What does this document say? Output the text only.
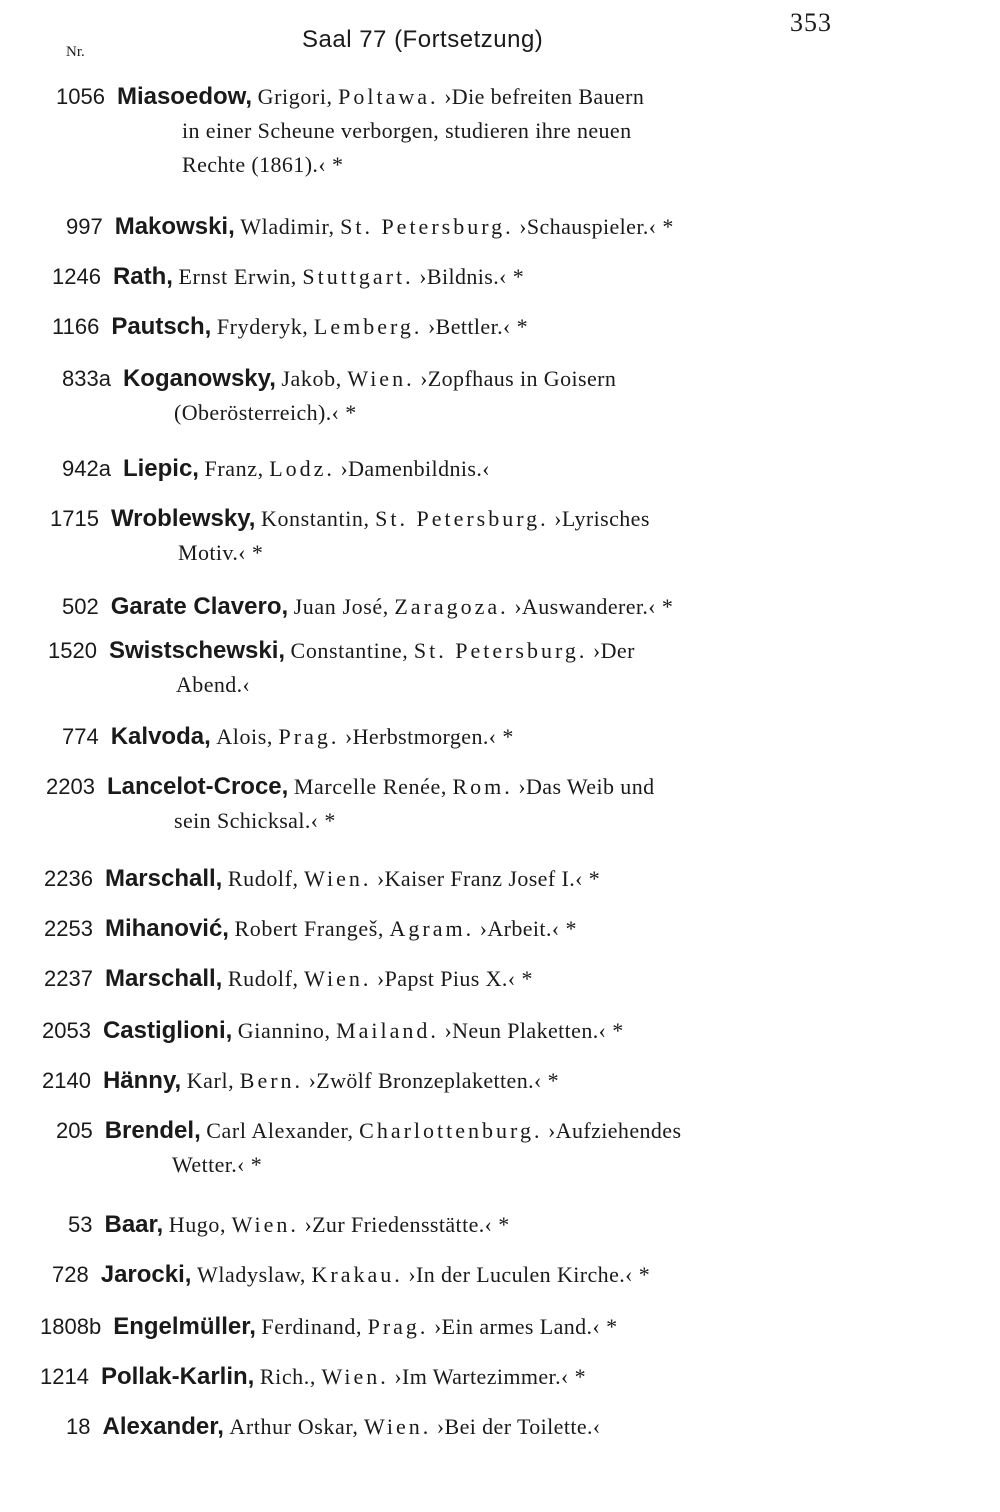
353
Nr.	Saal 77 (Fortsetzung)
1056 Miasoedow, Grigori, Poltawa. ›Die befreiten Bauern
in einer Scheune verborgen, studieren ihre neuen
Rechte (1861).‹ *
997 Makowski, Wladimir, St. Petersburg. ›Schauspieler.‹ *
1246 Rath, Ernst Erwin, Stuttgart. ›Bildnis.‹ *
1166 Pautsch, Fryderyk, Lemberg. ›Bettler.‹ *
833a Koganowsky, Jakob, Wien. ›Zopfhaus in Goisern
(Oberösterreich).‹ *
942a Liepic, Franz, Lodz. ›Damenbildnis.‹
1715 Wroblewsky, Konstantin, St. Petersburg. ›Lyrisches
Motiv.‹ *
502 Garate Clavero, Juan José, Zaragoza. ›Auswanderer.‹ *
1520 Swistschewski, Constantine, St. Petersburg. ›Der
Abend.‹
774 Kalvoda, Alois, Prag. ›Herbstmorgen.‹ *
2203 Lancelot-Croce, Marcelle Renée, Rom. ›Das Weib und
sein Schicksal.‹ *
2236 Marschall, Rudolf, Wien. ›Kaiser Franz Josef I.‹ *
2253 Mihanović, Robert Frangeš, Agram. ›Arbeit.‹ *
2237 Marschall, Rudolf, Wien. ›Papst Pius X.‹ *
2053 Castiglioni, Giannino, Mailand. ›Neun Plaketten.‹ *
2140 Hänny, Karl, Bern. ›Zwölf Bronzeplaketten.‹ *
205 Brendel, Carl Alexander, Charlottenburg. ›Aufziehendes
Wetter.‹ *
53 Baar, Hugo, Wien. ›Zur Friedensstätte.‹ *
728 Jarocki, Wladyslaw, Krakau. ›In der Luculen Kirche.‹ *
1808b Engelmüller, Ferdinand, Prag. ›Ein armes Land.‹ *
1214 Pollak-Karlin, Rich., Wien. ›Im Wartezimmer.‹ *
18 Alexander, Arthur Oskar, Wien. ›Bei der Toilette.‹
